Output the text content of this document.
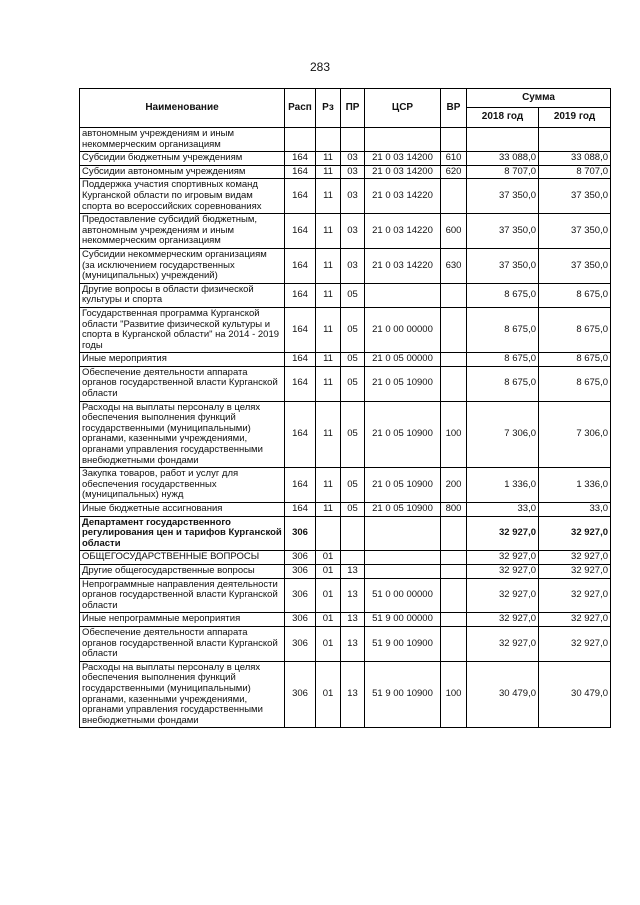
283
Наименование	Расп	Рз	ПР	ЦСР	ВР	Сумма	
						2018 год	2019 год
автономным учреждениям и иным некоммерческим организациям							
Субсидии бюджетным учреждениям	164	11	03	21 0 03 14200	610	33 088,0	33 088,0
Субсидии автономным учреждениям	164	11	03	21 0 03 14200	620	8 707,0	8 707,0
Поддержка участия спортивных команд Курганской области по игровым видам спорта во всероссийских соревнованиях	164	11	03	21 0 03 14220		37 350,0	37 350,0
Предоставление субсидий бюджетным, автономным учреждениям и иным некоммерческим организациям	164	11	03	21 0 03 14220	600	37 350,0	37 350,0
Субсидии некоммерческим организациям (за исключением государственных (муниципальных) учреждений)	164	11	03	21 0 03 14220	630	37 350,0	37 350,0
Другие вопросы в области физической культуры и спорта	164	11	05			8 675,0	8 675,0
Государственная программа Курганской области "Развитие физической культуры и спорта в Курганской области" на 2014 - 2019 годы	164	11	05	21 0 00 00000		8 675,0	8 675,0
Иные мероприятия	164	11	05	21 0 05 00000		8 675,0	8 675,0
Обеспечение деятельности аппарата органов государственной власти Курганской области	164	11	05	21 0 05 10900		8 675,0	8 675,0
Расходы на выплаты персоналу в целях обеспечения выполнения функций государственными (муниципальными) органами, казенными учреждениями, органами управления государственными внебюджетными фондами	164	11	05	21 0 05 10900	100	7 306,0	7 306,0
Закупка товаров, работ и услуг для обеспечения государственных (муниципальных) нужд	164	11	05	21 0 05 10900	200	1 336,0	1 336,0
Иные бюджетные ассигнования	164	11	05	21 0 05 10900	800	33,0	33,0
Департамент государственного регулирования цен и тарифов Курганской области	306					32 927,0	32 927,0
ОБЩЕГОСУДАРСТВЕННЫЕ ВОПРОСЫ	306	01				32 927,0	32 927,0
Другие общегосударственные вопросы	306	01	13			32 927,0	32 927,0
Непрограммные направления деятельности органов государственной власти Курганской области	306	01	13	51 0 00 00000		32 927,0	32 927,0
Иные непрограммные мероприятия	306	01	13	51 9 00 00000		32 927,0	32 927,0
Обеспечение деятельности аппарата органов государственной власти Курганской области	306	01	13	51 9 00 10900		32 927,0	32 927,0
Расходы на выплаты персоналу в целях обеспечения выполнения функций государственными (муниципальными) органами, казенными учреждениями, органами управления государственными внебюджетными фондами	306	01	13	51 9 00 10900	100	30 479,0	30 479,0
